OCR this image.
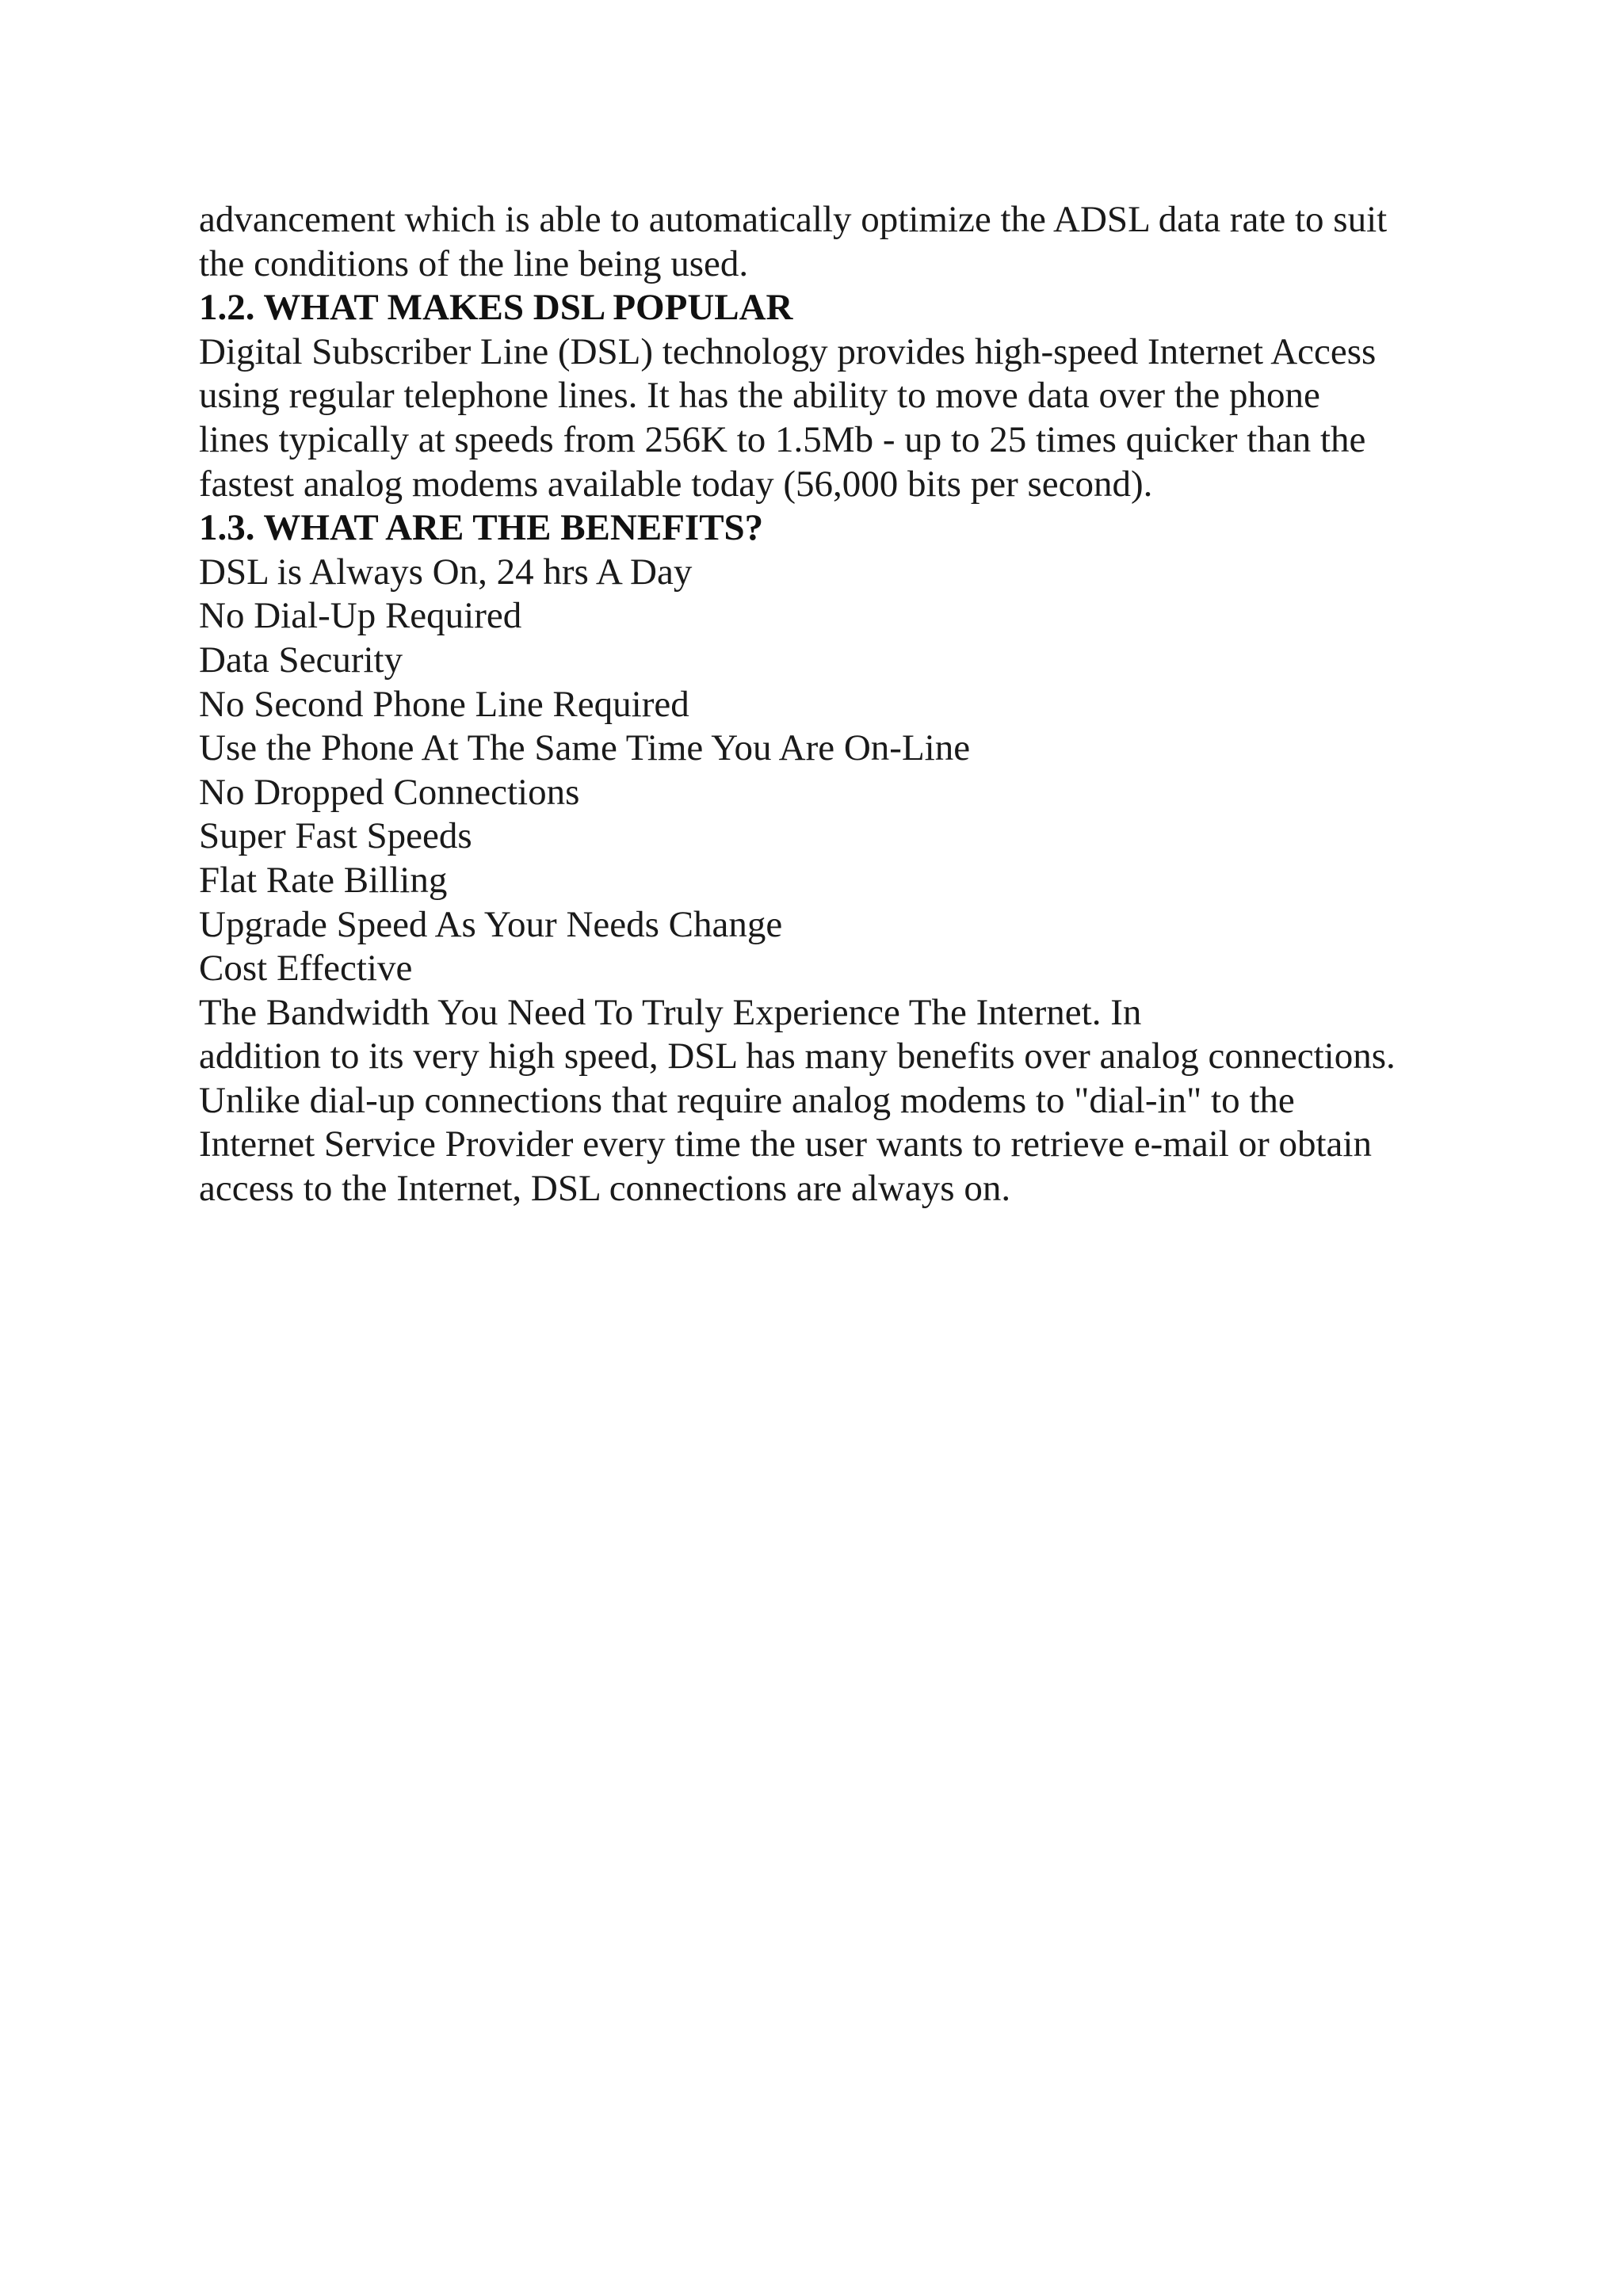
advancement which is able to automatically optimize the ADSL data rate to suit
the conditions of the line being used.
1.2. WHAT MAKES DSL POPULAR
Digital Subscriber Line (DSL) technology provides high-speed Internet Access
using regular telephone lines. It has the ability to move data over the phone
lines typically at speeds from 256K to 1.5Mb - up to 25 times quicker than the
fastest analog modems available today (56,000 bits per second).
1.3. WHAT ARE THE BENEFITS?
DSL is Always On, 24 hrs A Day
No Dial-Up Required
Data Security
No Second Phone Line Required
Use the Phone At The Same Time You Are On-Line
No Dropped Connections
Super Fast Speeds
Flat Rate Billing
Upgrade Speed As Your Needs Change
Cost Effective
The Bandwidth You Need To Truly Experience The Internet. In
addition to its very high speed, DSL has many benefits over analog connections.
Unlike dial-up connections that require analog modems to "dial-in" to the
Internet Service Provider every time the user wants to retrieve e-mail or obtain
access to the Internet, DSL connections are always on.
